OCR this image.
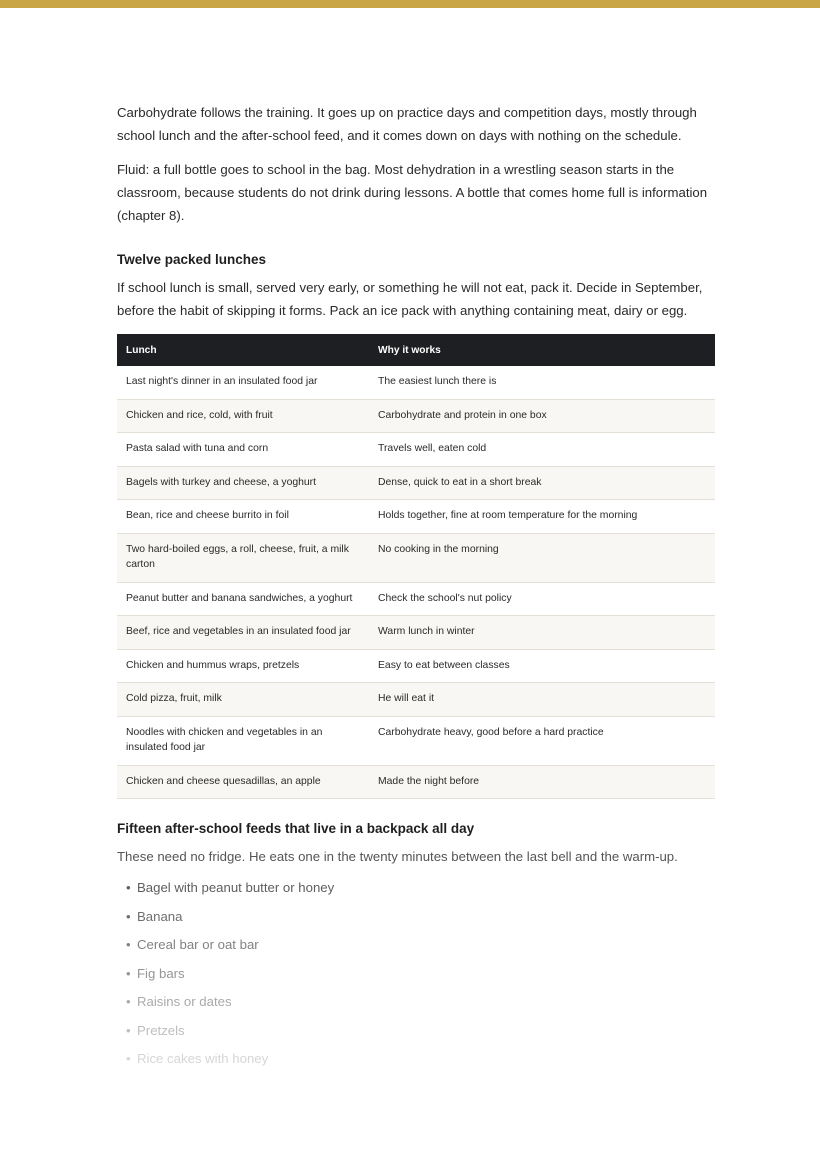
Carbohydrate follows the training. It goes up on practice days and competition days, mostly through school lunch and the after-school feed, and it comes down on days with nothing on the schedule.

Fluid: a full bottle goes to school in the bag. Most dehydration in a wrestling season starts in the classroom, because students do not drink during lessons. A bottle that comes home full is information (chapter 8).

Twelve packed lunches

If school lunch is small, served very early, or something he will not eat, pack it. Decide in September, before the habit of skipping it forms. Pack an ice pack with anything containing meat, dairy or egg.

Lunch	Why it works
Last night's dinner in an insulated food jar	The easiest lunch there is
Chicken and rice, cold, with fruit	Carbohydrate and protein in one box
Pasta salad with tuna and corn	Travels well, eaten cold
Bagels with turkey and cheese, a yoghurt	Dense, quick to eat in a short break
Bean, rice and cheese burrito in foil	Holds together, fine at room temperature for the morning
Two hard-boiled eggs, a roll, cheese, fruit, a milk carton	No cooking in the morning
Peanut butter and banana sandwiches, a yoghurt	Check the school's nut policy
Beef, rice and vegetables in an insulated food jar	Warm lunch in winter
Chicken and hummus wraps, pretzels	Easy to eat between classes
Cold pizza, fruit, milk	He will eat it
Noodles with chicken and vegetables in an insulated food jar	Carbohydrate heavy, good before a hard practice
Chicken and cheese quesadillas, an apple	Made the night before
Fifteen after-school feeds that live in a backpack all day

These need no fridge. He eats one in the twenty minutes between the last bell and the warm-up.

• Bagel with peanut butter or honey
• Banana
• Cereal bar or oat bar
• Fig bars
• Raisins or dates
• Pretzels
• Rice cakes with honey
